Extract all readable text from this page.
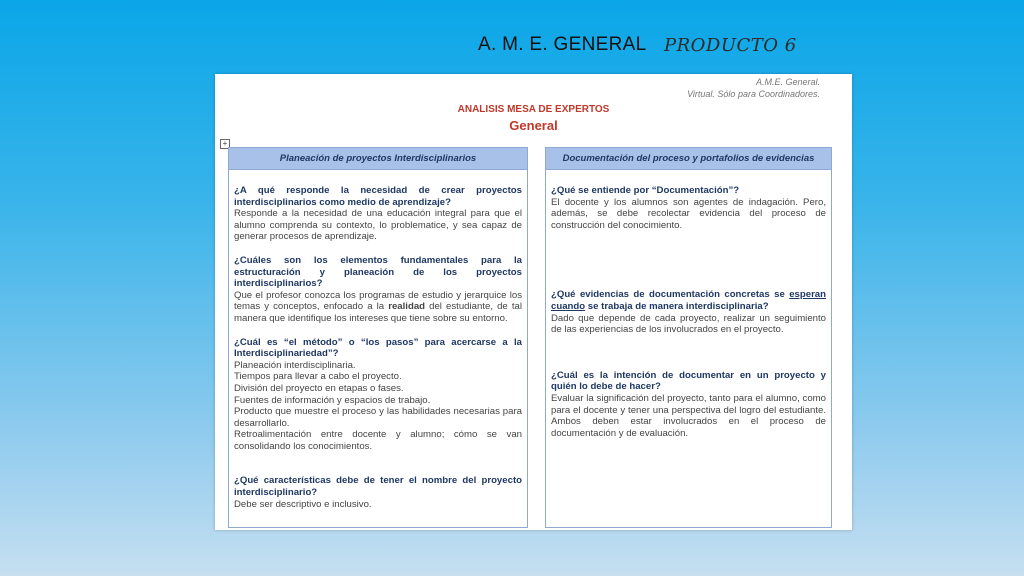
A. M. E. GENERAL PRODUCTO 6
A.M.E. General.
Virtual. Sólo para Coordinadores.
ANALISIS MESA DE EXPERTOS
General
+
Planeación de proyectos Interdisciplinarios
¿A qué responde la necesidad de crear proyectos interdisciplinarios como medio de aprendizaje?
Responde a la necesidad de una educación integral para que el alumno comprenda su contexto, lo problematice, y sea capaz de generar procesos de aprendizaje.
¿Cuáles son los elementos fundamentales para la estructuración y planeación de los proyectos interdisciplinarios?
Que el profesor conozca los programas de estudio y jerarquice los temas y conceptos, enfocado a la realidad del estudiante, de tal manera que identifique los intereses que tiene sobre su entorno.
¿Cuál es “el método” o “los pasos” para acercarse a la Interdisciplinariedad”?
Planeación interdisciplinaria.
Tiempos para llevar a cabo el proyecto.
División del proyecto en etapas o fases.
Fuentes de información y espacios de trabajo.
Producto que muestre el proceso y las habilidades necesarias para desarrollarlo.
Retroalimentación entre docente y alumno; cómo se van consolidando los conocimientos.
¿Qué características debe de tener el nombre del proyecto interdisciplinario?
Debe ser descriptivo e inclusivo.
Documentación del proceso y portafolios de evidencias
¿Qué se entiende por “Documentación”?
El docente y los alumnos son agentes de indagación. Pero, además, se debe recolectar evidencia del proceso de construcción del conocimiento.
¿Qué evidencias de documentación concretas se esperan cuando se trabaja de manera interdisciplinaria?
Dado que depende de cada proyecto, realizar un seguimiento de las experiencias de los involucrados en el proyecto.
¿Cuál es la intención de documentar en un proyecto y quién lo debe de hacer?
Evaluar la significación del proyecto, tanto para el alumno, como para el docente y tener una perspectiva del logro del estudiante. Ambos deben estar involucrados en el proceso de documentación y de evaluación.
